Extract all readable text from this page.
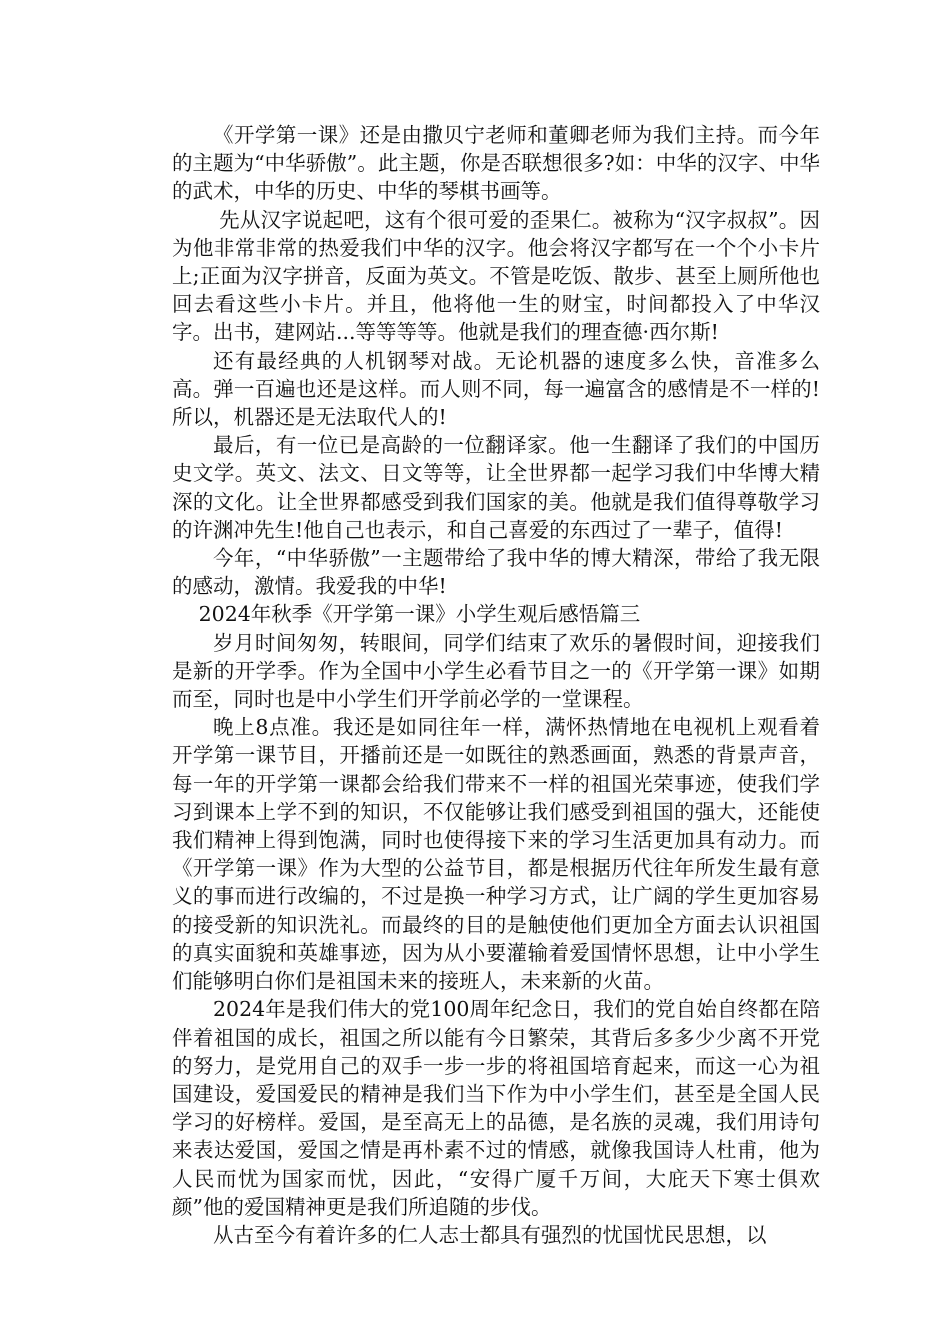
《开学第一课》还是由撒贝宁老师和董卿老师为我们主持。而今年的主题为“中华骄傲”。此主题，你是否联想很多?如：中华的汉字、中华的武术，中华的历史、中华的琴棋书画等。

先从汉字说起吧，这有个很可爱的歪果仁。被称为“汉字叔叔”。因为他非常非常的热爱我们中华的汉字。他会将汉字都写在一个个小卡片上;正面为汉字拼音，反面为英文。不管是吃饭、散步、甚至上厕所他也回去看这些小卡片。并且，他将他一生的财宝，时间都投入了中华汉字。出书，建网站...等等等等。他就是我们的理查德·西尔斯!

还有最经典的人机钢琴对战。无论机器的速度多么快，音准多么高。弹一百遍也还是这样。而人则不同，每一遍富含的感情是不一样的!所以，机器还是无法取代人的!

最后，有一位已是高龄的一位翻译家。他一生翻译了我们的中国历史文学。英文、法文、日文等等，让全世界都一起学习我们中华博大精深的文化。让全世界都感受到我们国家的美。他就是我们值得尊敬学习的许渊冲先生!他自己也表示，和自己喜爱的东西过了一辈子，值得!

今年，“中华骄傲”一主题带给了我中华的博大精深，带给了我无限的感动，激情。我爱我的中华!

2024年秋季《开学第一课》小学生观后感悟篇三

岁月时间匆匆，转眼间，同学们结束了欢乐的暑假时间，迎接我们是新的开学季。作为全国中小学生必看节目之一的《开学第一课》如期而至，同时也是中小学生们开学前必学的一堂课程。

晚上8点准。我还是如同往年一样，满怀热情地在电视机上观看着开学第一课节目，开播前还是一如既往的熟悉画面，熟悉的背景声音，每一年的开学第一课都会给我们带来不一样的祖国光荣事迹，使我们学习到课本上学不到的知识，不仅能够让我们感受到祖国的强大，还能使我们精神上得到饱满，同时也使得接下来的学习生活更加具有动力。而《开学第一课》作为大型的公益节目，都是根据历代往年所发生最有意义的事而进行改编的，不过是换一种学习方式，让广阔的学生更加容易的接受新的知识洗礼。而最终的目的是触使他们更加全方面去认识祖国的真实面貌和英雄事迹，因为从小要灌输着爱国情怀思想，让中小学生们能够明白你们是祖国未来的接班人，未来新的火苗。

2024年是我们伟大的党100周年纪念日，我们的党自始自终都在陪伴着祖国的成长，祖国之所以能有今日繁荣，其背后多多少少离不开党的努力，是党用自己的双手一步一步的将祖国培育起来，而这一心为祖国建设，爱国爱民的精神是我们当下作为中小学生们，甚至是全国人民学习的好榜样。爱国，是至高无上的品德，是名族的灵魂，我们用诗句来表达爱国，爱国之情是再朴素不过的情感，就像我国诗人杜甫，他为人民而忧为国家而忧，因此，“安得广厦千万间，大庇天下寒士俱欢颜”他的爱国精神更是我们所追随的步伐。

从古至今有着许多的仁人志士都具有强烈的忧国忧民思想，以
